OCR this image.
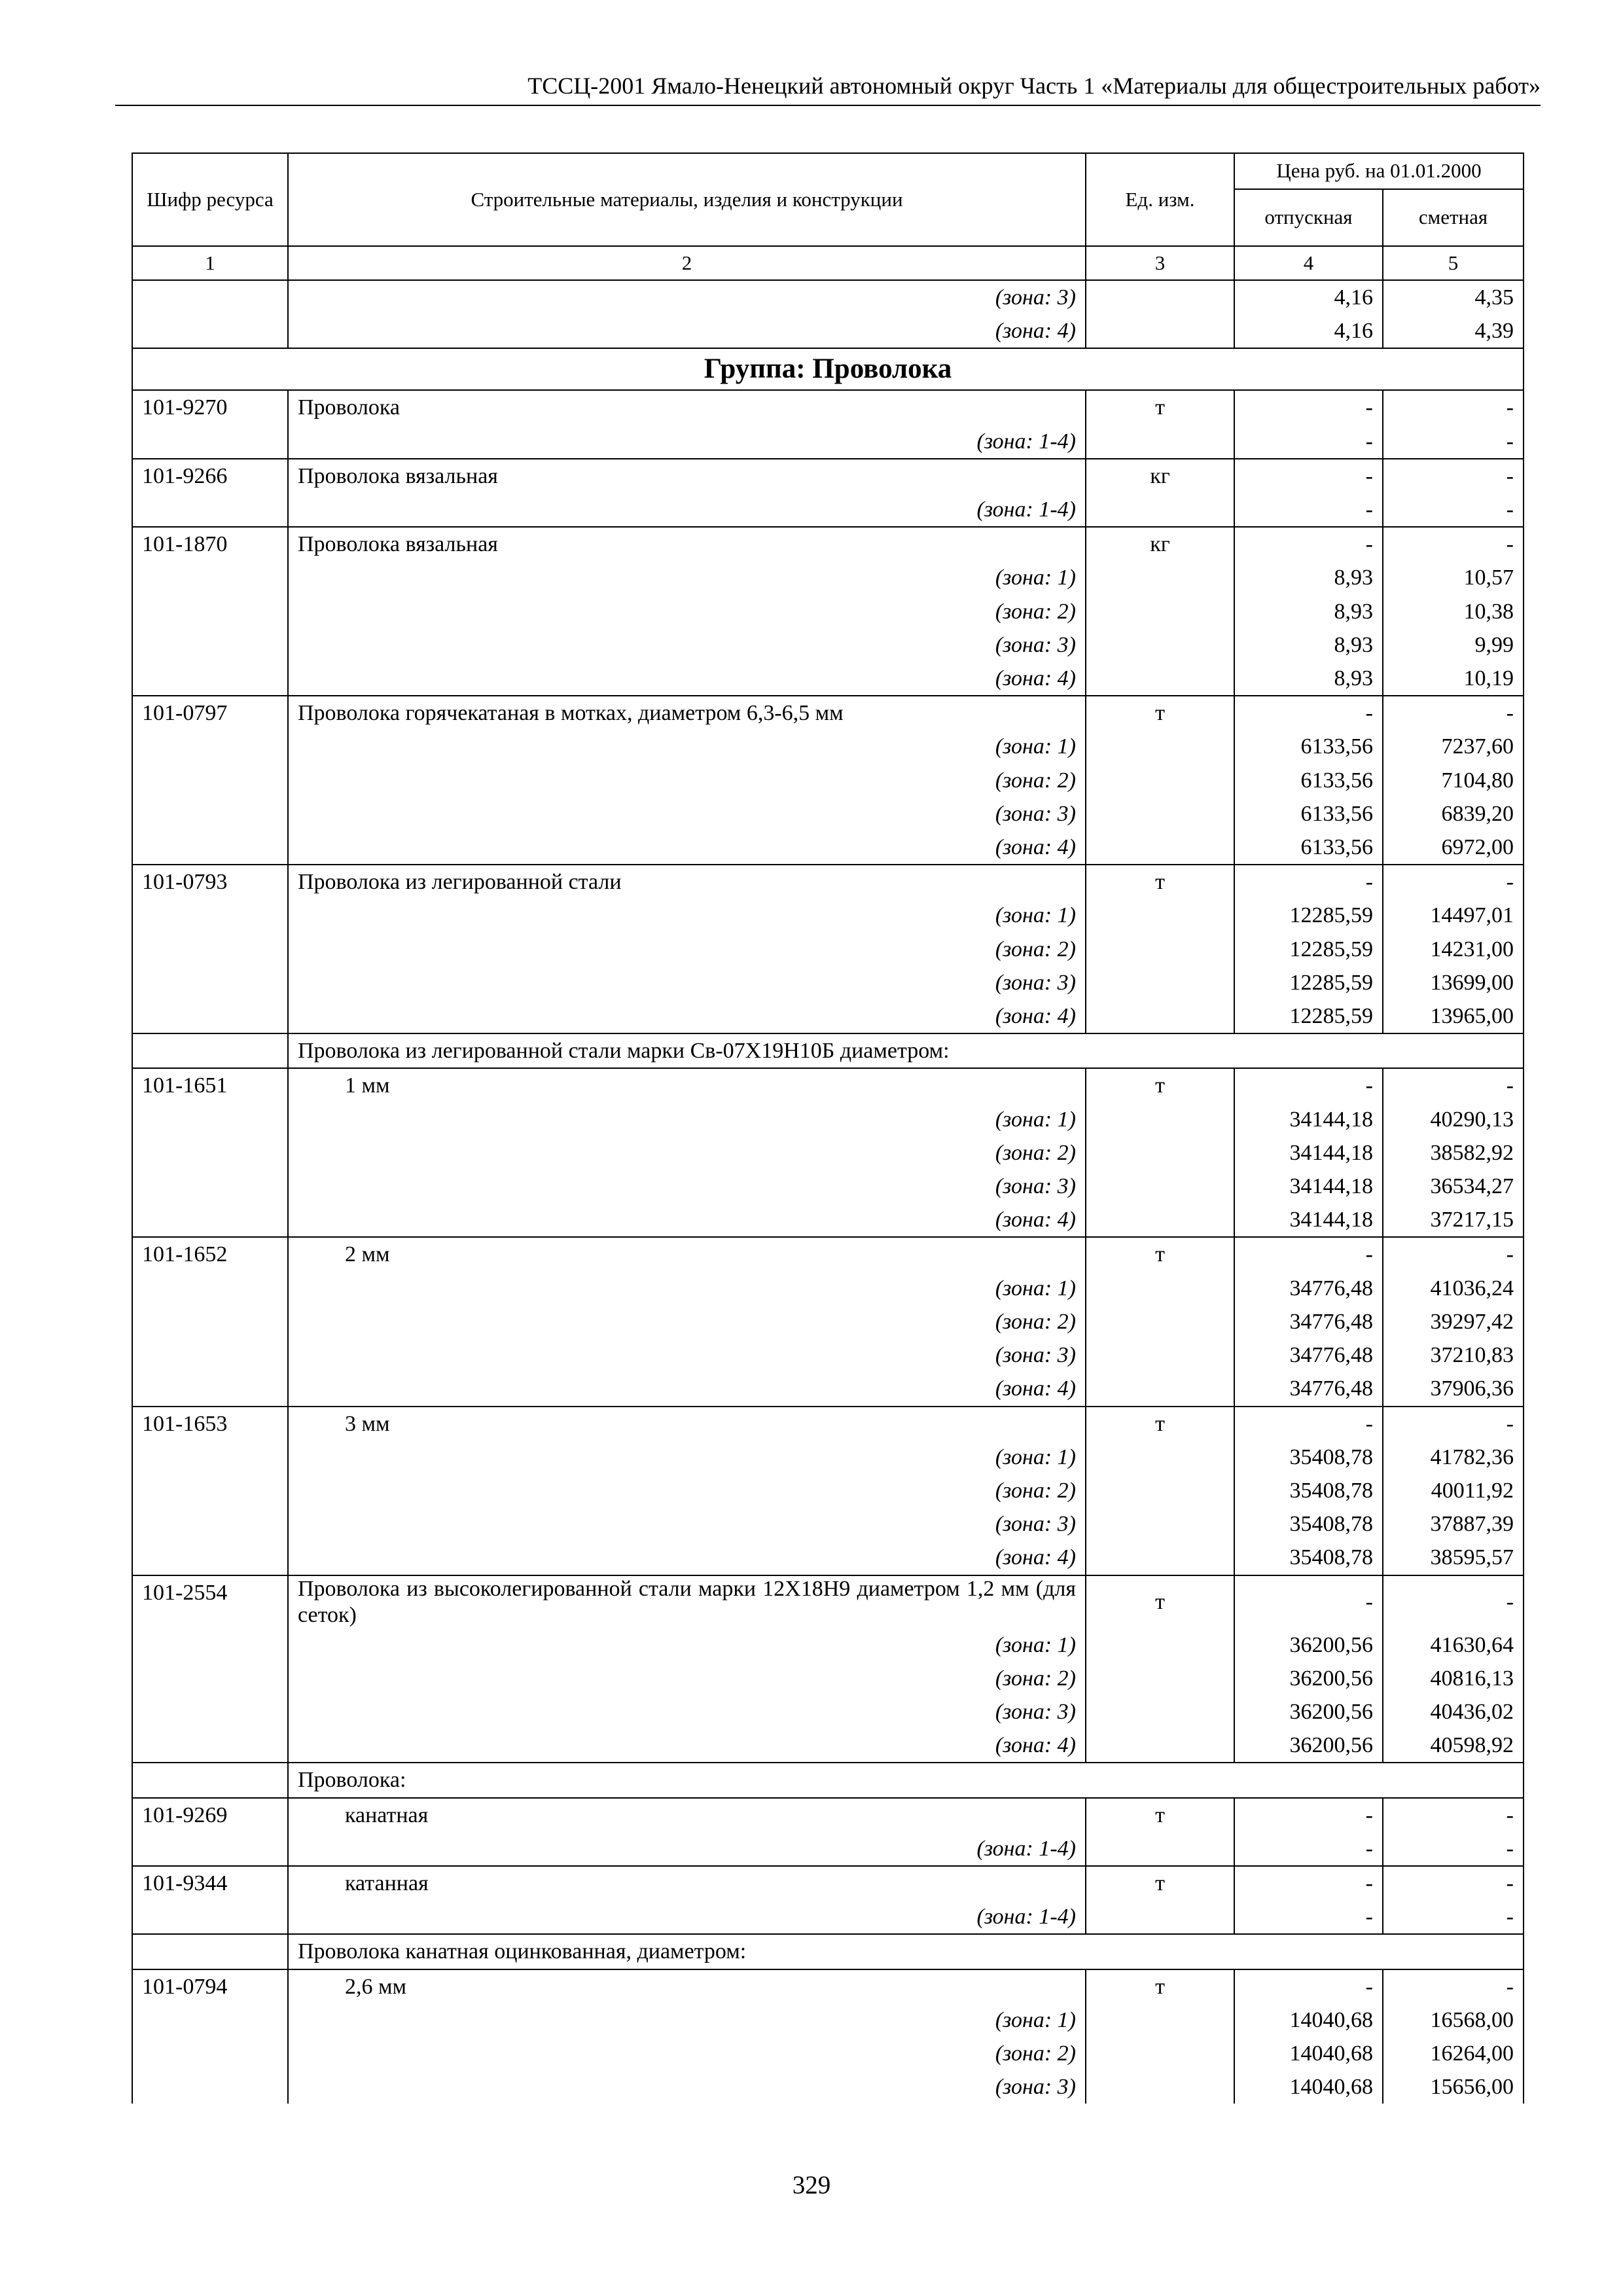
ТССЦ-2001 Ямало-Ненецкий автономный округ Часть 1 «Материалы для общестроительных работ»
Шифр ресурса	Строительные материалы, изделия и конструкции	Ед. изм.	Цена руб. на 01.01.2000	
			отпускная	сметная
1	2	3	4	5
	(зона: 3)		4,16	4,35
	(зона: 4)		4,16	4,39
Группа: Проволока				
101-9270	Проволока	т	-	-
	(зона: 1-4)		-	-
101-9266	Проволока вязальная	кг	-	-
	(зона: 1-4)		-	-
101-1870	Проволока вязальная	кг	-	-
	(зона: 1)		8,93	10,57
	(зона: 2)		8,93	10,38
	(зона: 3)		8,93	9,99
	(зона: 4)		8,93	10,19
101-0797	Проволока горячекатаная в мотках, диаметром 6,3-6,5 мм	т	-	-
	(зона: 1)		6133,56	7237,60
	(зона: 2)		6133,56	7104,80
	(зона: 3)		6133,56	6839,20
	(зона: 4)		6133,56	6972,00
101-0793	Проволока из легированной стали	т	-	-
	(зона: 1)		12285,59	14497,01
	(зона: 2)		12285,59	14231,00
	(зона: 3)		12285,59	13699,00
	(зона: 4)		12285,59	13965,00
	Проволока из легированной стали марки Св-07Х19Н10Б диаметром:			
101-1651	1 мм	т	-	-
	(зона: 1)		34144,18	40290,13
	(зона: 2)		34144,18	38582,92
	(зона: 3)		34144,18	36534,27
	(зона: 4)		34144,18	37217,15
101-1652	2 мм	т	-	-
	(зона: 1)		34776,48	41036,24
	(зона: 2)		34776,48	39297,42
	(зона: 3)		34776,48	37210,83
	(зона: 4)		34776,48	37906,36
101-1653	3 мм	т	-	-
	(зона: 1)		35408,78	41782,36
	(зона: 2)		35408,78	40011,92
	(зона: 3)		35408,78	37887,39
	(зона: 4)		35408,78	38595,57
101-2554	Проволока из высоколегированной стали марки 12Х18Н9 диаметром 1,2 мм (для сеток)	т	-	-
	(зона: 1)		36200,56	41630,64
	(зона: 2)		36200,56	40816,13
	(зона: 3)		36200,56	40436,02
	(зона: 4)		36200,56	40598,92
	Проволока:			
101-9269	канатная	т	-	-
	(зона: 1-4)		-	-
101-9344	катанная	т	-	-
	(зона: 1-4)		-	-
	Проволока канатная оцинкованная, диаметром:			
101-0794	2,6 мм	т	-	-
	(зона: 1)		14040,68	16568,00
	(зона: 2)		14040,68	16264,00
	(зона: 3)		14040,68	15656,00
329
